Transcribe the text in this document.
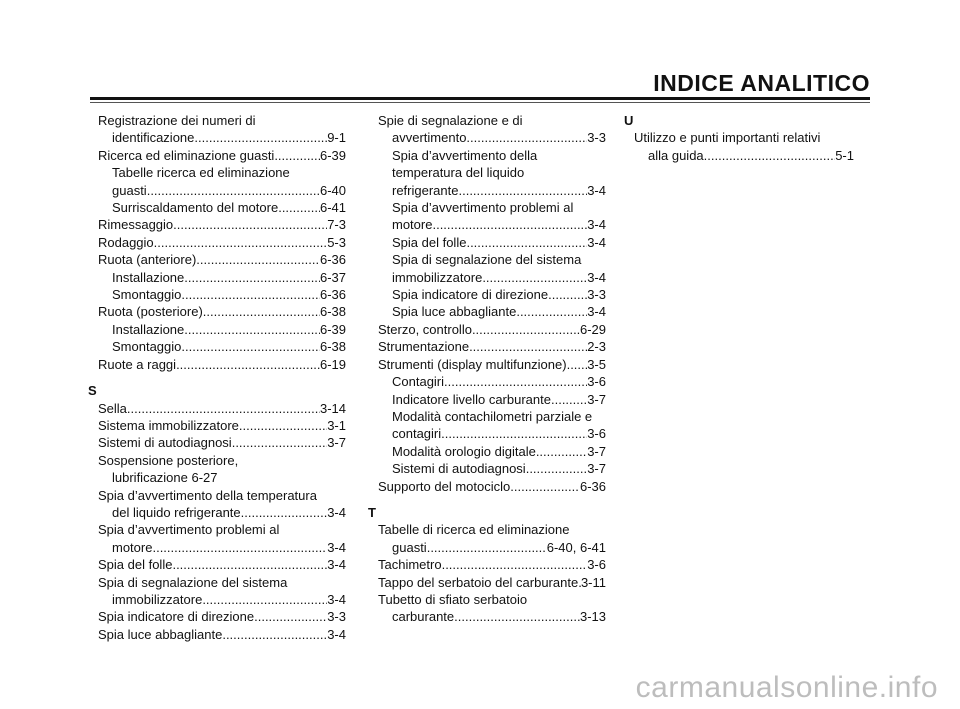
INDICE ANALITICO
Registrazione dei numeri di
identificazione .....	9-1
Ricerca ed eliminazione guasti .....	6-39
Tabelle ricerca ed eliminazione
guasti .....	6-40
Surriscaldamento del motore .....	6-41
Rimessaggio .....	7-3
Rodaggio .....	5-3
Ruota (anteriore) .....	6-36
Installazione .....	6-37
Smontaggio .....	6-36
Ruota (posteriore) .....	6-38
Installazione .....	6-39
Smontaggio .....	6-38
Ruote a raggi .....	6-19
S
Sella .....	3-14
Sistema immobilizzatore .....	3-1
Sistemi di autodiagnosi .....	3-7
Sospensione posteriore,
lubrificazione 6-27
Spia d’avvertimento della temperatura
del liquido refrigerante .....	3-4
Spia d’avvertimento problemi al
motore .....	3-4
Spia del folle .....	3-4
Spia di segnalazione del sistema
immobilizzatore .....	3-4
Spia indicatore di direzione .....	3-3
Spia luce abbagliante .....	3-4
Spie di segnalazione e di
avvertimento .....	3-3
Spia d’avvertimento della
temperatura del liquido
refrigerante .....	3-4
Spia d’avvertimento problemi al
motore .....	3-4
Spia del folle .....	3-4
Spia di segnalazione del sistema
immobilizzatore .....	3-4
Spia indicatore di direzione .....	3-3
Spia luce abbagliante .....	3-4
Sterzo, controllo .....	6-29
Strumentazione .....	2-3
Strumenti (display multifunzione) ..... 3-5
Contagiri .....	3-6
Indicatore livello carburante .....	3-7
Modalità contachilometri parziale e
contagiri .....	3-6
Modalità orologio digitale .....	3-7
Sistemi di autodiagnosi .....	3-7
Supporto del motociclo .....	6-36
T
Tabelle di ricerca ed eliminazione
guasti .....	6-40, 6-41
Tachimetro .....	3-6
Tappo del serbatoio del carburante ..... 3-11
Tubetto di sfiato serbatoio
carburante .....	3-13
U
Utilizzo e punti importanti relativi
alla guida .....	5-1
carmanualsonline.info
